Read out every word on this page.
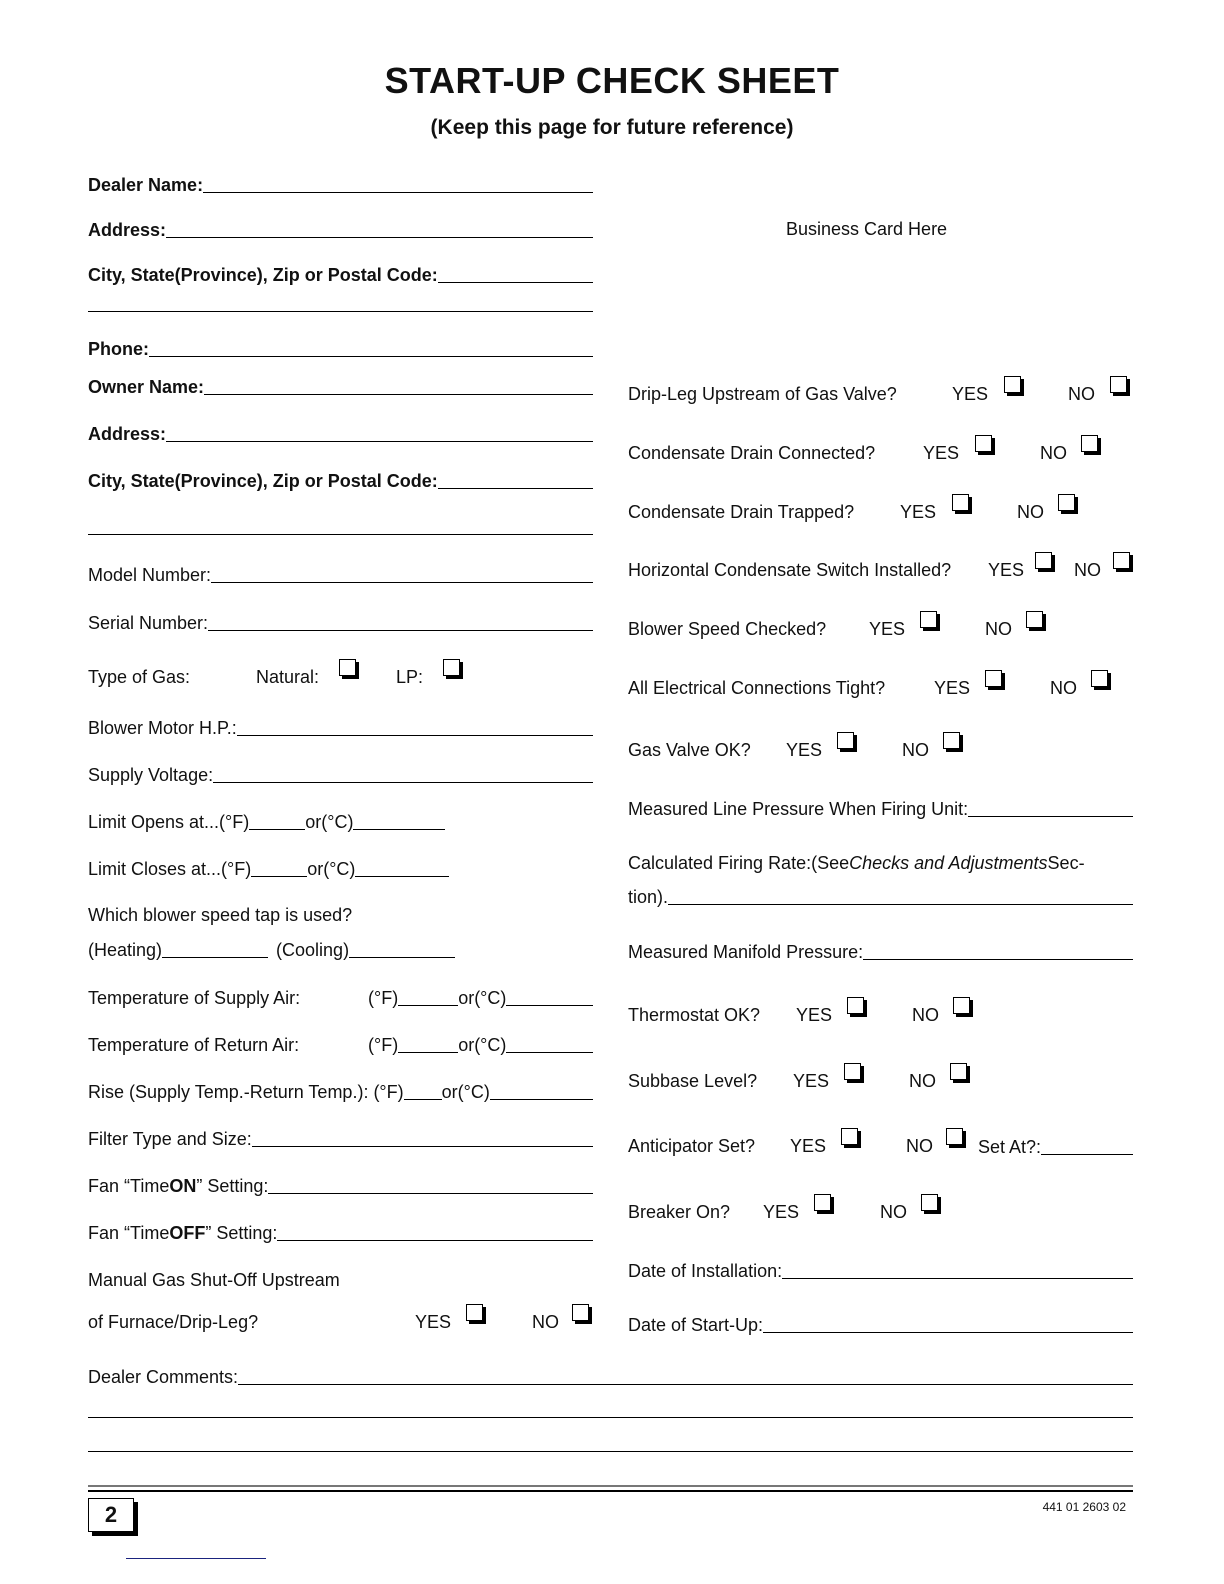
START-UP CHECK SHEET
(Keep this page for future reference)
Dealer Name:
Address:
City, State(Province), Zip or Postal Code:
Phone:
Owner Name:
Address:
City, State(Province), Zip or Postal Code:
Model Number:
Serial Number:
Type of Gas:	Natural:	LP:
Blower Motor H.P.:
Supply Voltage:
Limit Opens at...(°F)	or(°C)
Limit Closes at...(°F)	or(°C)
Which blower speed tap is used?
(Heating)	(Cooling)
Temperature of Supply Air:	(°F)	or(°C)
Temperature of Return Air:	(°F)	or(°C)
Rise (Supply Temp.-Return Temp.): (°F) or(°C)
Filter Type and Size:
Fan “Time ON ” Setting:
Fan “Time OFF ” Setting:
Manual Gas Shut-Off Upstream
of Furnace/Drip-Leg?	YES	NO
Business Card Here
Drip-Leg Upstream of Gas Valve?	YES	NO
Condensate Drain Connected?	YES	NO
Condensate Drain Trapped?	YES	NO
Horizontal Condensate Switch Installed? YES	NO
Blower Speed Checked? YES	NO
All Electrical Connections Tight?	YES	NO
Gas Valve OK? YES	NO
Measured Line Pressure When Firing Unit:
Calculated Firing Rate:(See Checks and Adjustments Sec-
tion).
Measured Manifold Pressure:
Thermostat OK? YES	NO
Subbase Level? YES	NO
Anticipator Set? YES	NO	Set At?:
Breaker On? YES	NO
Date of Installation:
Date of Start-Up:
Dealer Comments:
2	441 01 2603 02
